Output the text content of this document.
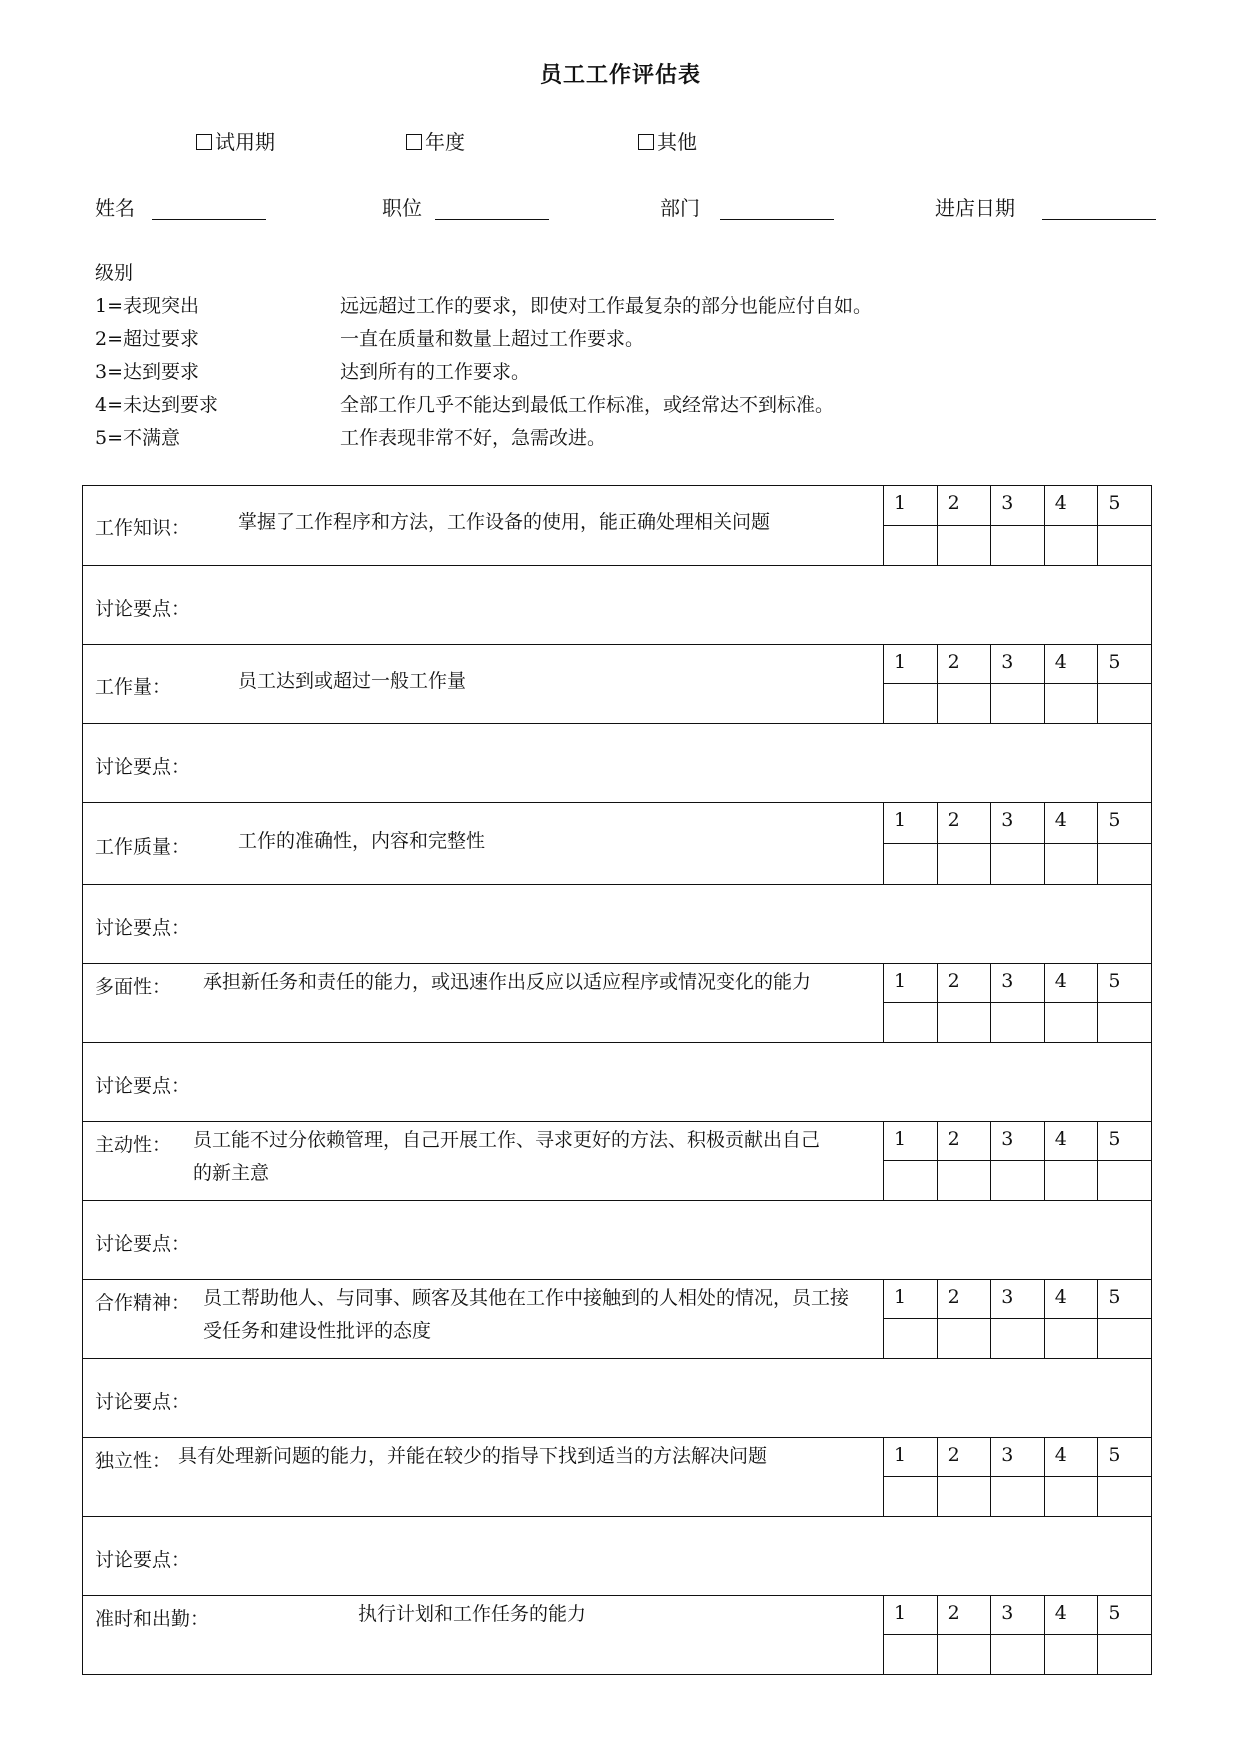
员工工作评估表
试用期	年度	其他
姓名	职位	部门	进店日期
级别
1=表现突出	远远超过工作的要求，即使对工作最复杂的部分也能应付自如。
2=超过要求	一直在质量和数量上超过工作要求。
3=达到要求	达到所有的工作要求。
4=未达到要求	全部工作几乎不能达到最低工作标准，或经常达不到标准。
5=不满意	工作表现非常不好，急需改进。
工作知识：	掌握了工作程序和方法，工作设备的使用，能正确处理相关问题
1	2	3	4	5
讨论要点：
工作量：	员工达到或超过一般工作量
1	2	3	4	5
讨论要点：
工作质量：	工作的准确性，内容和完整性
1	2	3	4	5
讨论要点：
多面性： 承担新任务和责任的能力，或迅速作出反应以适应程序或情况变化的能力	1	2	3	4	5
讨论要点：
主动性： 员工能不过分依赖管理，自己开展工作、寻求更好的方法、积极贡献出自己的新主意
1	2	3	4	5
讨论要点：
合作精神： 员工帮助他人、与同事、顾客及其他在工作中接触到的人相处的情况，员工接受任务和建设性批评的态度
1	2	3	4	5
讨论要点：
独立性： 具有处理新问题的能力，并能在较少的指导下找到适当的方法解决问题	1	2	3	4	5
讨论要点：
准时和出勤：	执行计划和工作任务的能力	1	2	3	4	5
